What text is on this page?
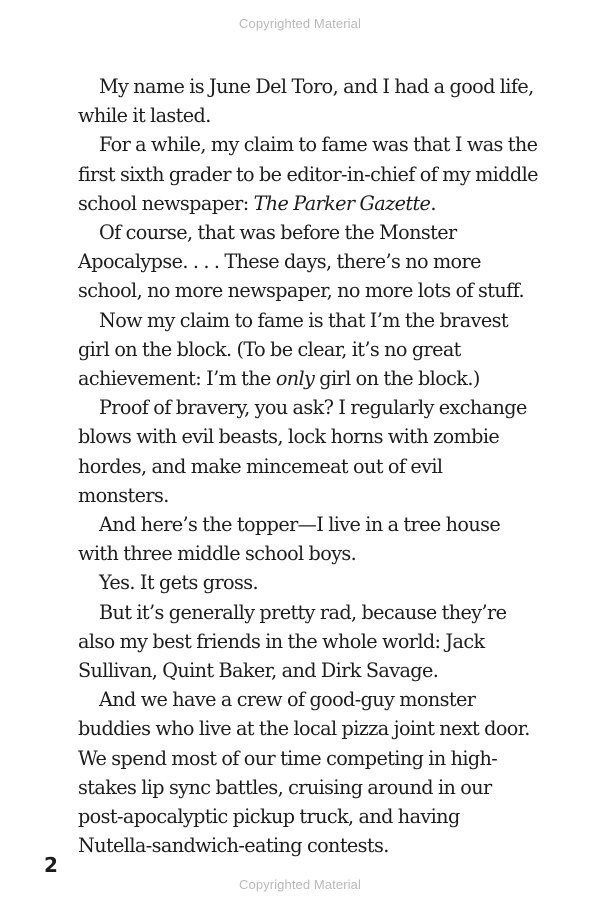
Copyrighted Material

My name is June Del Toro, and I had a good life, while it lasted.

For a while, my claim to fame was that I was the first sixth grader to be editor-in-chief of my middle school newspaper: The Parker Gazette.

Of course, that was before the Monster Apocalypse. . . . These days, there’s no more school, no more newspaper, no more lots of stuff.

Now my claim to fame is that I’m the bravest girl on the block. (To be clear, it’s no great achievement: I’m the only girl on the block.)

Proof of bravery, you ask? I regularly exchange blows with evil beasts, lock horns with zombie hordes, and make mincemeat out of evil monsters.

And here’s the topper—I live in a tree house with three middle school boys.

Yes. It gets gross.

But it’s generally pretty rad, because they’re also my best friends in the whole world: Jack Sullivan, Quint Baker, and Dirk Savage.

And we have a crew of good-guy monster buddies who live at the local pizza joint next door. We spend most of our time competing in high-stakes lip sync battles, cruising around in our post-apocalyptic pickup truck, and having Nutella-sandwich-eating contests.

2
Copyrighted Material
